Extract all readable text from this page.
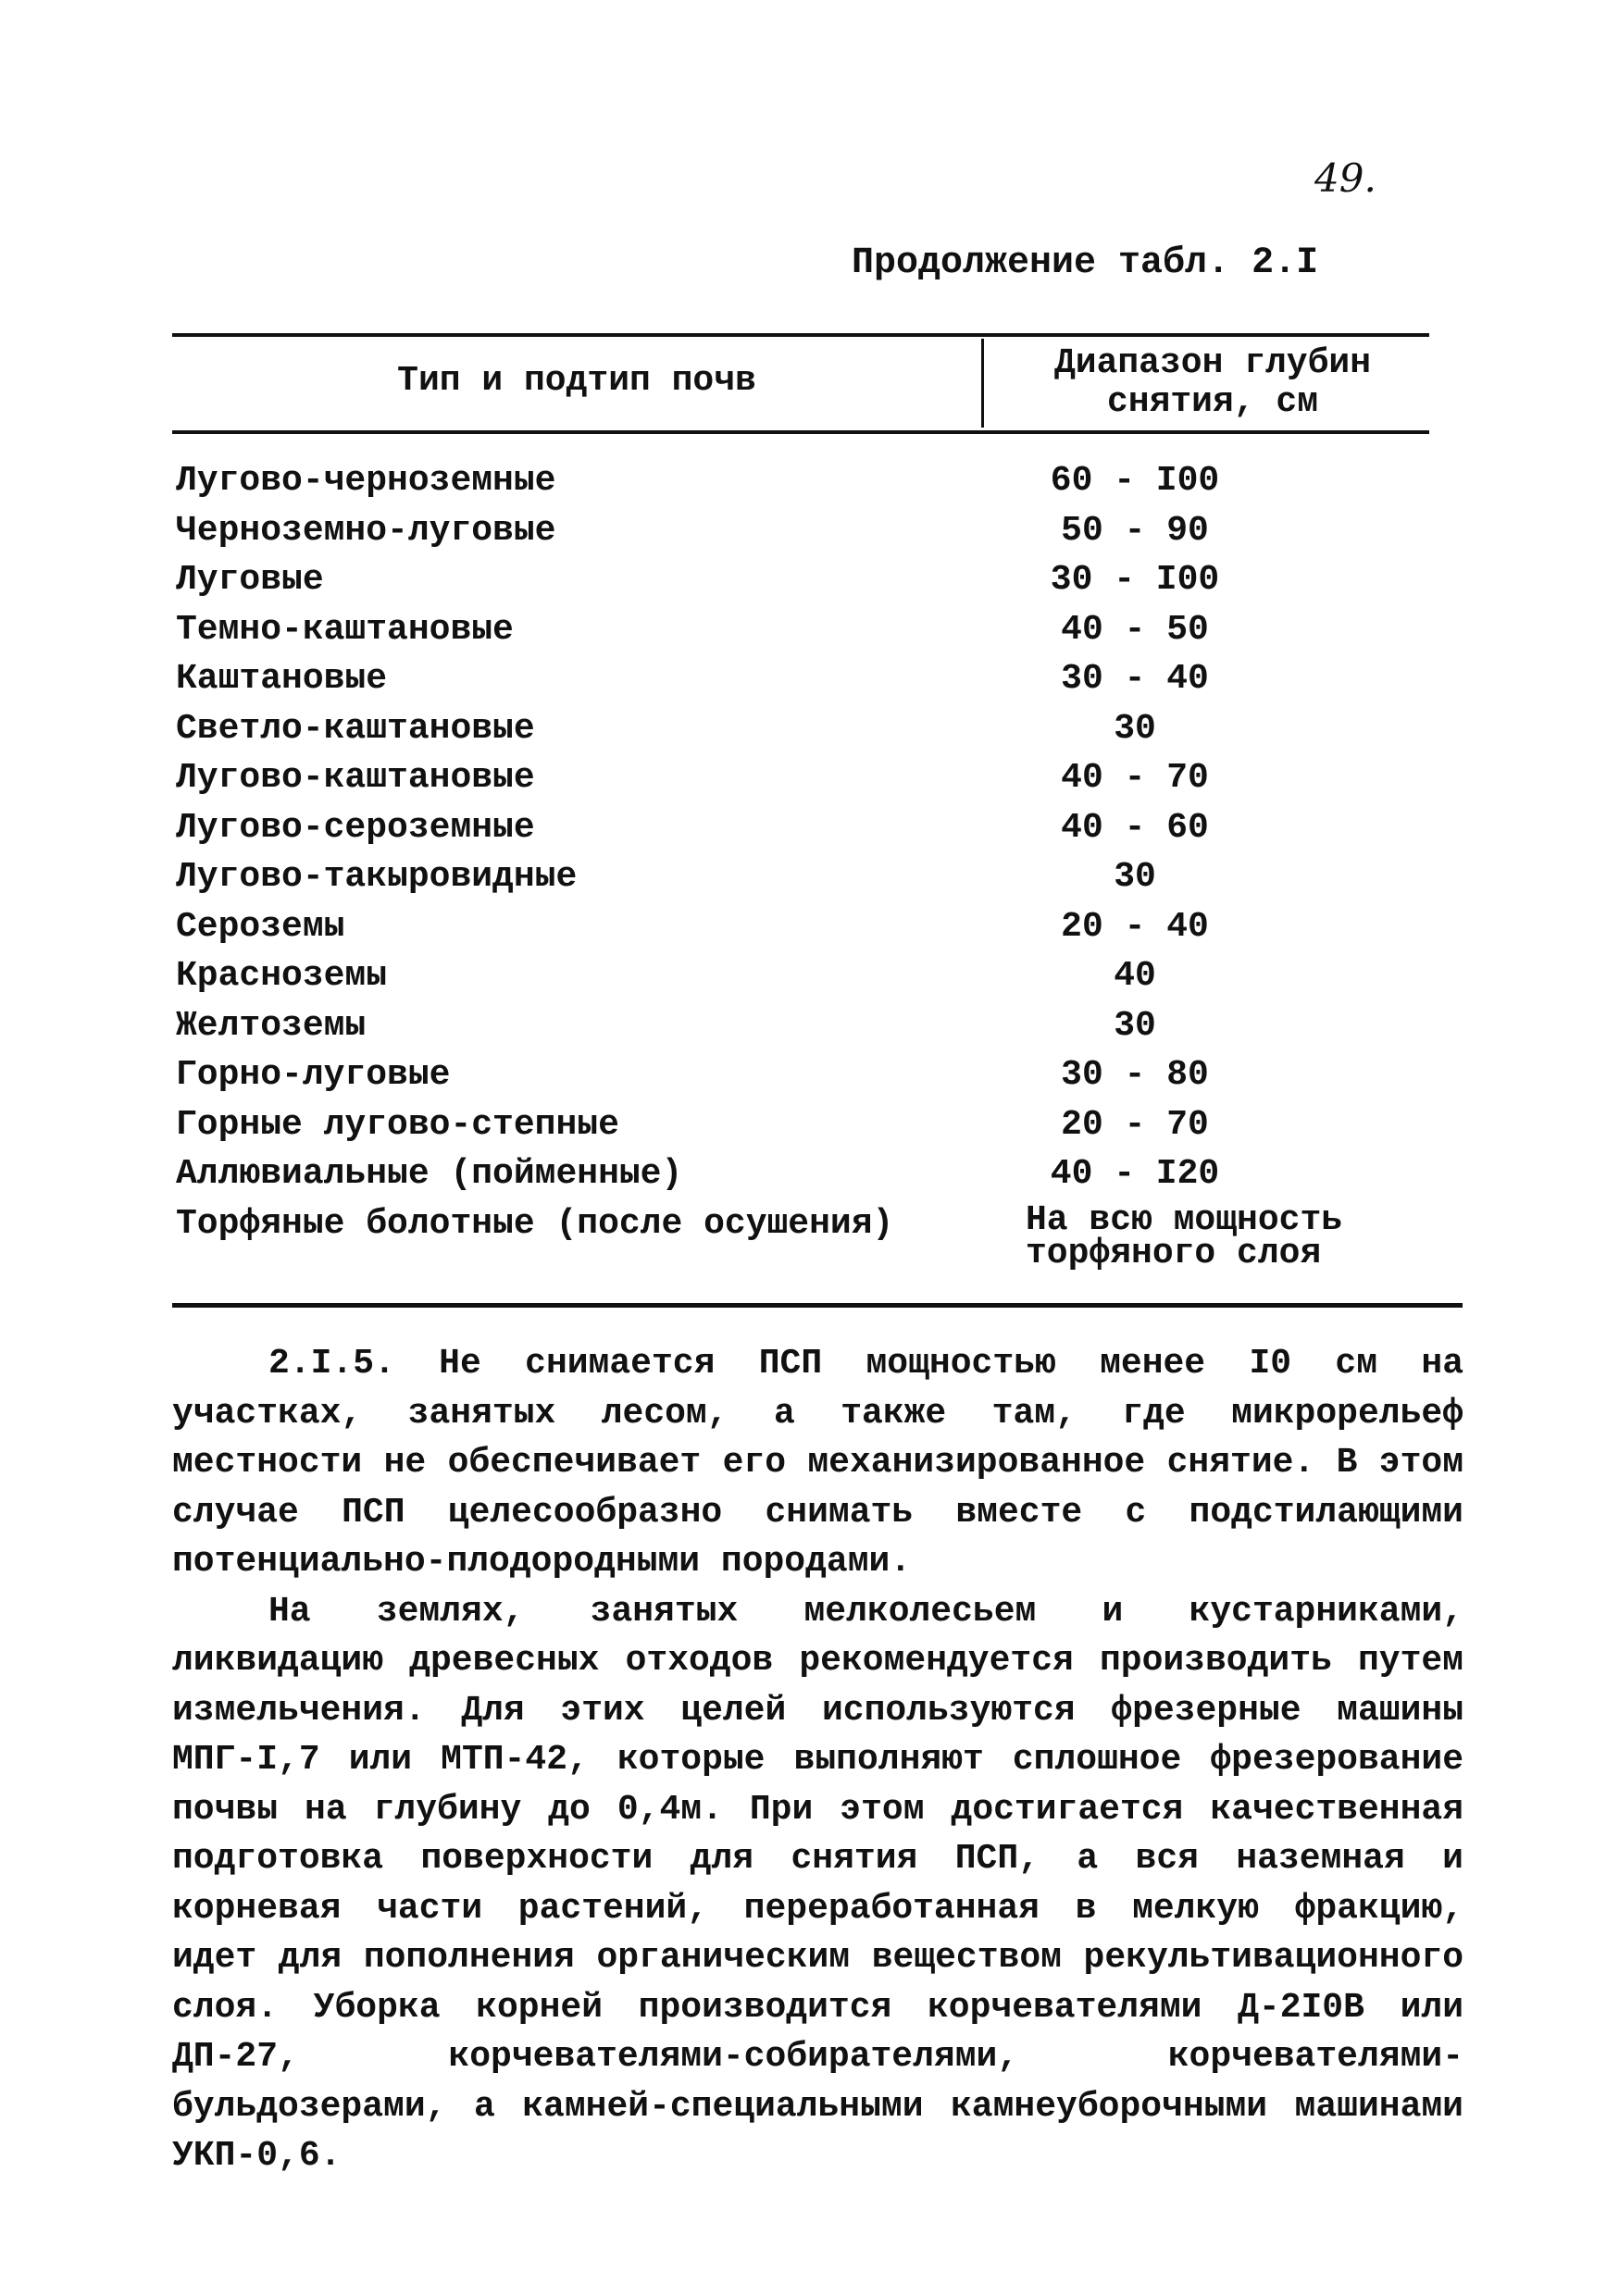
49.
Продолжение табл. 2.I
Тип и подтип почв	Диапазон глубин снятия, см
Лугово-черноземные	60 - I00
Черноземно-луговые	50 - 90
Луговые	30 - I00
Темно-каштановые	40 - 50
Каштановые	30 - 40
Светло-каштановые	30
Лугово-каштановые	40 - 70
Лугово-сероземные	40 - 60
Лугово-такыровидные	30
Сероземы	20 - 40
Красноземы	40
Желтоземы	30
Горно-луговые	30 - 80
Горные лугово-степные	20 - 70
Аллювиальные (пойменные)	40 - I20
Торфяные болотные (после осушения)	На всю мощность торфяного слоя

2.I.5. Не снимается ПСП мощностью менее I0 см на участках, занятых лесом, а также там, где микрорельеф местности не обеспечивает его механизированное снятие. В этом случае ПСП целесообразно снимать вместе с подстилающими потенциально-плодородными породами.

На землях, занятых мелколесьем и кустарниками, ликвидацию древесных отходов рекомендуется производить путем измельчения. Для этих целей используются фрезерные машины МПГ-I,7 или МТП-42, которые выполняют сплошное фрезерование почвы на глубину до 0,4м. При этом достигается качественная подготовка поверхности для снятия ПСП, а вся наземная и корневая части растений, переработанная в мелкую фракцию, идет для пополнения органическим веществом рекультивационного слоя. Уборка корней производится корчевателями Д-2I0В или ДП-27, корчевателями-собирателями, корчевателями-бульдозерами, а камней-специальными камнеуборочными машинами УКП-0,6.
